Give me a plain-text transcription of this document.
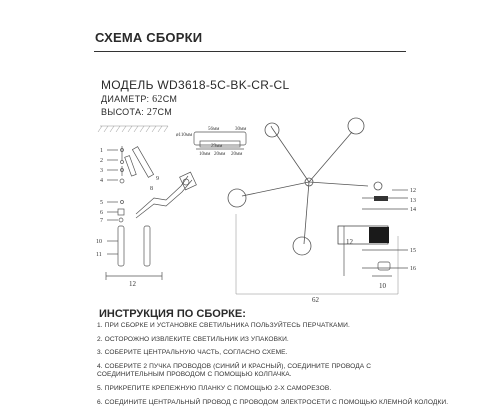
СХЕМА СБОРКИ
МОДЕЛЬ WD3618-5C-BK-CR-CL
ДИАМЕТР: 62СМ
ВЫСОТА: 27СМ
ø110мм
56мм	30мм
29мм
10мм 20мм 20мм
1
2
3
4
5
6
7
8
9
10
11
12
62
12
13
14
12
15
16
10
ИНСТРУКЦИЯ ПО СБОРКЕ:
1. ПРИ СБОРКЕ И УСТАНОВКЕ СВЕТИЛЬНИКА ПОЛЬЗУЙТЕСЬ ПЕРЧАТКАМИ.
2. ОСТОРОЖНО ИЗВЛЕКИТЕ СВЕТИЛЬНИК ИЗ УПАКОВКИ.
3. СОБЕРИТЕ ЦЕНТРАЛЬНУЮ ЧАСТЬ, СОГЛАСНО СХЕМЕ.
4. СОБЕРИТЕ 2 ПУЧКА ПРОВОДОВ (СИНИЙ И КРАСНЫЙ), СОЕДИНИТЕ ПРОВОДА С СОЕДИНИТЕЛЬНЫМ ПРОВОДОМ С ПОМОЩЬЮ КОЛПАЧКА.
5. ПРИКРЕПИТЕ КРЕПЕЖНУЮ ПЛАНКУ С ПОМОЩЬЮ 2-Х САМОРЕЗОВ.
6. СОЕДИНИТЕ ЦЕНТРАЛЬНЫЙ ПРОВОД С ПРОВОДОМ ЭЛЕКТРОСЕТИ С ПОМОЩЬЮ КЛЕМНОЙ КОЛОДКИ.
